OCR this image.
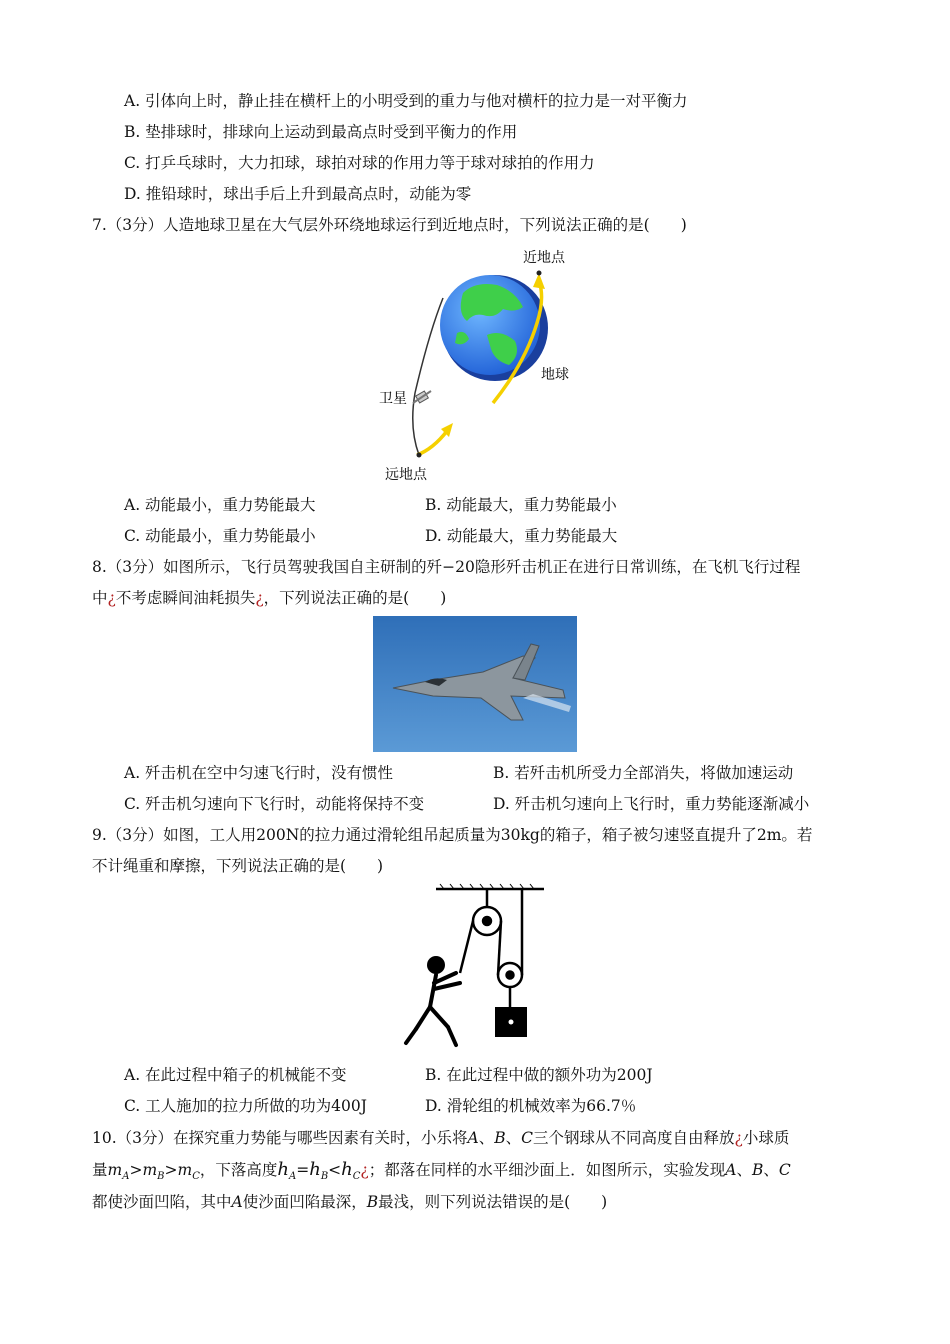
A. 引体向上时，静止挂在横杆上的小明受到的重力与他对横杆的拉力是一对平衡力
B. 垫排球时，排球向上运动到最高点时受到平衡力的作用
C. 打乒乓球时，大力扣球，球拍对球的作用力等于球对球拍的作用力
D. 推铅球时，球出手后上升到最高点时，动能为零
7.（3分）人造地球卫星在大气层外环绕地球运行到近地点时，下列说法正确的是(　　)
近地点
地球
卫星
远地点
A. 动能最小，重力势能最大	B. 动能最大，重力势能最小
C. 动能最小，重力势能最小	D. 动能最大，重力势能最大
8.（3分）如图所示，飞行员驾驶我国自主研制的歼−20隐形歼击机正在进行日常训练，在飞机飞行过程
中¿不考虑瞬间油耗损失¿，下列说法正确的是(　　)
A. 歼击机在空中匀速飞行时，没有惯性	B. 若歼击机所受力全部消失，将做加速运动
C. 歼击机匀速向下飞行时，动能将保持不变	D. 歼击机匀速向上飞行时，重力势能逐渐减小
9.（3分）如图，工人用200N的拉力通过滑轮组吊起质量为30kg的箱子，箱子被匀速竖直提升了2m。若
不计绳重和摩擦，下列说法正确的是(　　)
A. 在此过程中箱子的机械能不变	B. 在此过程中做的额外功为200J
C. 工人施加的拉力所做的功为400J	D. 滑轮组的机械效率为66.7％
10.（3分）在探究重力势能与哪些因素有关时，小乐将A、B、C三个钢球从不同高度自由释放¿小球质
量$m_A>m_B>m_C$，下落高度$h_A=h_B<h_C¿$；都落在同样的水平细沙面上．如图所示，实验发现A、B、C
都使沙面凹陷，其中A使沙面凹陷最深，B最浅，则下列说法错误的是(　　)
